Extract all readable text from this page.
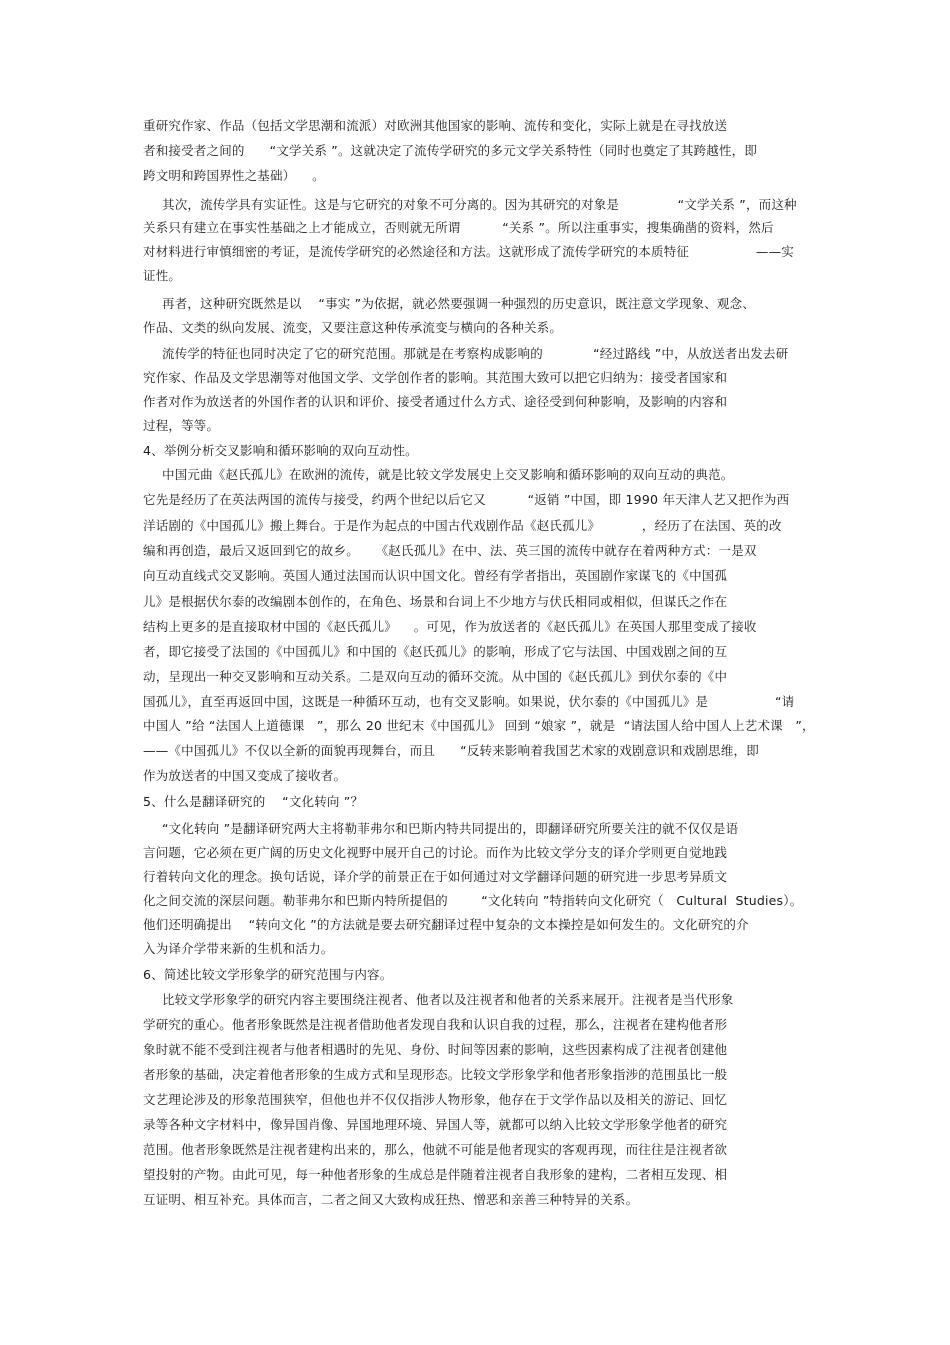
重研究作家、作品（包括文学思潮和流派）对欧洲其他国家的影响、流传和变化，实际上就是在寻找放送
者和接受者之间的      “文学关系 ”。这就决定了流传学研究的多元文学关系特性（同时也奠定了其跨越性，即
跨文明和跨国界性之基础）    。
其次，流传学具有实证性。这是与它研究的对象不可分离的。因为其研究的对象是              “文学关系 ”，而这种
关系只有建立在事实性基础之上才能成立，否则就无所谓          “关系 ”。所以注重事实，搜集确凿的资料，然后
对材料进行审慎细密的考证，是流传学研究的必然途径和方法。这就形成了流传学研究的本质特征                ——实
证性。
再者，这种研究既然是以    “事实 ”为依据，就必然要强调一种强烈的历史意识，既注意文学现象、观念、
作品、文类的纵向发展、流变，又要注意这种传承流变与横向的各种关系。
流传学的特征也同时决定了它的研究范围。那就是在考察构成影响的            “经过路线 ”中，从放送者出发去研
究作家、作品及文学思潮等对他国文学、文学创作者的影响。其范围大致可以把它归纳为：接受者国家和
作者对作为放送者的外国作者的认识和评价、接受者通过什么方式、途径受到何种影响，及影响的内容和
过程，等等。
4、举例分析交叉影响和循环影响的双向互动性。
中国元曲《赵氏孤儿》在欧洲的流传，就是比较文学发展史上交叉影响和循环影响的双向互动的典范。
它先是经历了在英法两国的流传与接受，约两个世纪以后它又          “返销 ”中国，即 1990 年天津人艺又把作为西
洋话剧的《中国孤儿》搬上舞台。于是作为起点的中国古代戏剧作品《赵氏孤儿》          ，经历了在法国、英的改
编和再创造，最后又返回到它的故乡。    《赵氏孤儿》在中、法、英三国的流传中就存在着两种方式：一是双
向互动直线式交叉影响。英国人通过法国而认识中国文化。曾经有学者指出，英国剧作家谋飞的《中国孤
儿》是根据伏尔泰的改编剧本创作的，在角色、场景和台词上不少地方与伏氏相同或相似，但谋氏之作在
结构上更多的是直接取材中国的《赵氏孤儿》    。可见，作为放送者的《赵氏孤儿》在英国人那里变成了接收
者，即它接受了法国的《中国孤儿》和中国的《赵氏孤儿》的影响，形成了它与法国、中国戏剧之间的互
动，呈现出一种交叉影响和互动关系。二是双向互动的循环交流。从中国的《赵氏孤儿》到伏尔泰的《中
国孤儿》，直至再返回中国，这既是一种循环互动，也有交叉影响。如果说，伏尔泰的《中国孤儿》是                “请
中国人 ”给 “法国人上道德课   ”，那么 20 世纪末《中国孤儿》 回到 “娘家 ”，就是  “请法国人给中国人上艺术课   ”，
——《中国孤儿》不仅以全新的面貌再现舞台，而且      “反转来影响着我国艺术家的戏剧意识和戏剧思维，即
作为放送者的中国又变成了接收者。
5、什么是翻译研究的    “文化转向 ”？
“文化转向 ”是翻译研究两大主将勒菲弗尔和巴斯内特共同提出的，即翻译研究所要关注的就不仅仅是语
言问题，它必须在更广阔的历史文化视野中展开自己的讨论。而作为比较文学分支的译介学则更自觉地践
行着转向文化的理念。换句话说，译介学的前景正在于如何通过对文学翻译问题的研究进一步思考异质文
化之间交流的深层问题。勒菲弗尔和巴斯内特所提倡的        “文化转向 ”特指转向文化研究（   Cultural  Studies）。
他们还明确提出    “转向文化 ”的方法就是要去研究翻译过程中复杂的文本操控是如何发生的。文化研究的介
入为译介学带来新的生机和活力。
6、简述比较文学形象学的研究范围与内容。
比较文学形象学的研究内容主要围绕注视者、他者以及注视者和他者的关系来展开。注视者是当代形象
学研究的重心。他者形象既然是注视者借助他者发现自我和认识自我的过程，那么，注视者在建构他者形
象时就不能不受到注视者与他者相遇时的先见、身份、时间等因素的影响，这些因素构成了注视者创建他
者形象的基础，决定着他者形象的生成方式和呈现形态。比较文学形象学和他者形象指涉的范围虽比一般
文艺理论涉及的形象范围狭窄，但他也并不仅仅指涉人物形象，他存在于文学作品以及相关的游记、回忆
录等各种文字材料中，像异国肖像、异国地理环境、异国人等，就都可以纳入比较文学形象学他者的研究
范围。他者形象既然是注视者建构出来的，那么，他就不可能是他者现实的客观再现，而往往是注视者欲
望投射的产物。由此可见，每一种他者形象的生成总是伴随着注视者自我形象的建构，二者相互发现、相
互证明、相互补充。具体而言，二者之间又大致构成狂热、憎恶和亲善三种特异的关系。
